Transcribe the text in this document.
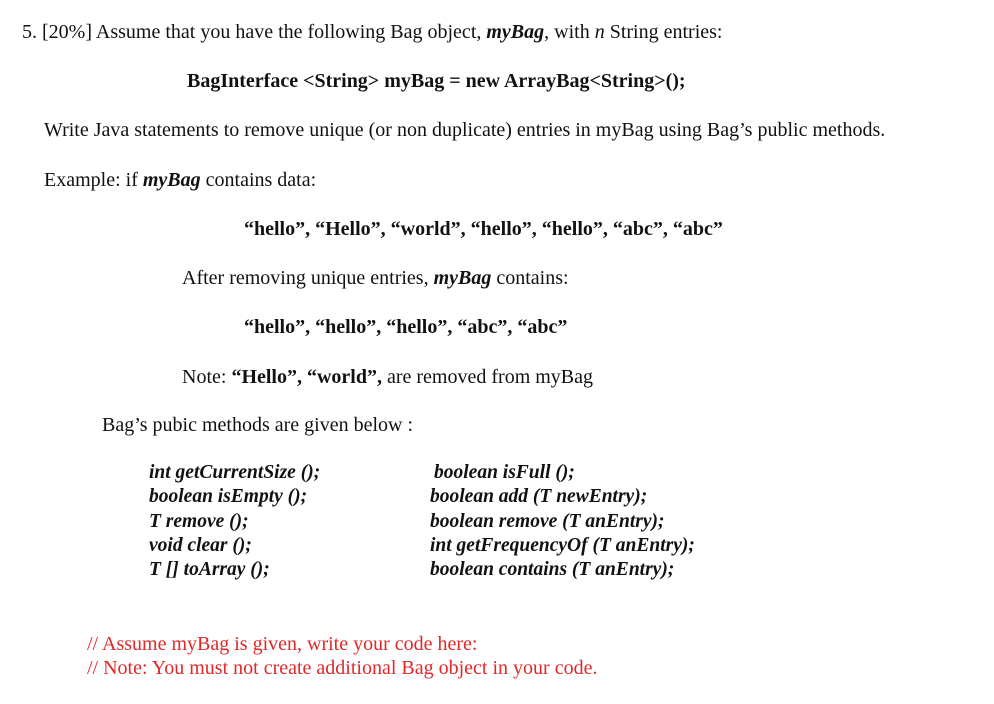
5. [20%] Assume that you have the following Bag object, myBag, with n String entries:
BagInterface <String> myBag = new ArrayBag<String>();
Write Java statements to remove unique (or non duplicate) entries in myBag using Bag’s public methods.
Example: if myBag contains data:
“hello”, “Hello”, “world”, “hello”, “hello”, “abc”, “abc”
After removing unique entries, myBag contains:
“hello”, “hello”, “hello”, “abc”, “abc”
Note: “Hello”, “world”, are removed from myBag
Bag’s pubic methods are given below :
int getCurrentSize ();
boolean isEmpty ();
T remove ();
void clear ();
T [] toArray ();
boolean isFull ();
boolean add (T newEntry);
boolean remove (T anEntry);
int getFrequencyOf (T anEntry);
boolean contains (T anEntry);
// Assume myBag is given, write your code here:
// Note: You must not create additional Bag object in your code.
